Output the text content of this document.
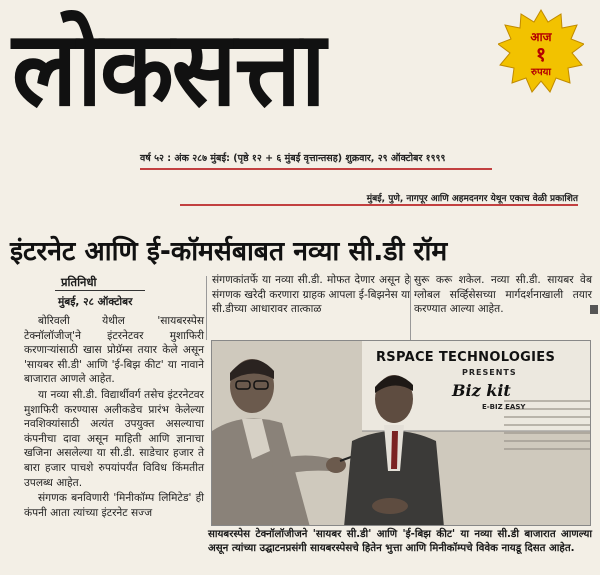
लोकसत्ता	आज
१
रुपया
वर्ष ५२ : अंक २८७ मुंबई: (पृष्ठे १२ + ६ मुंबई वृत्तान्तसह) शुक्रवार, २९ ऑक्टोबर १९९९
मुंबई, पुणे, नागपूर आणि अहमदनगर येथून एकाच वेळी प्रकाशित
इंटरनेट आणि ई-कॉमर्सबाबत नव्या सी.डी रॉम
प्रतिनिधी
मुंबई, २८ ऑक्टोबर

बोरिवली येथील 'सायबरस्पेस टेक्नॉलॉजीज्'ने इंटरनेटवर मुशाफिरी करणाऱ्यांसाठी खास प्रोग्रॅम्स तयार केले असून 'सायबर सी.डी' आणि 'ई-बिझ कीट' या नावाने बाजारात आणले आहेत.

या नव्या सी.डी. विद्यार्थीवर्ग तसेच इंटरनेटवर मुशाफिरी करण्यास अलीकडेच प्रारंभ केलेल्या नवशिक्यांसाठी अत्यंत उपयुक्त असल्याचा कंपनीचा दावा असून माहिती आणि ज्ञानाचा खजिना असलेल्या या सी.डी. साडेचार हजार ते बारा हजार पाचशे रुपयांपर्यंत विविध किंमतीत उपलब्ध आहेत.

संगणक बनविणारी 'मिनीकॉम्प लिमिटेड' ही कंपनी आता त्यांच्या इंटरनेट सज्ज

संगणकांतर्फे या नव्या सी.डी. मोफत देणार असून हे संगणक खरेदी करणारा ग्राहक आपला ई-बिझनेस या सी.डीच्या आधारावर तात्काळ
सुरू करू शकेल. नव्या सी.डी. सायबर वेब ग्लोबल सर्व्हिसेसच्या मार्गदर्शनाखाली तयार करण्यात आल्या आहेत.
RSPACE TECHNOLOGIES
PRESENTS
Biz kit
E-BIZ EASY
सायबरस्पेस टेक्नॉलॉजीजने 'सायबर सी.डी' आणि 'ई-बिझ कीट' या नव्या सी.डी बाजारात आणल्या असून त्यांच्या उद्घाटनप्रसंगी सायबरस्पेसचे हितेन भुत्ता आणि मिनीकॉम्पचे विवेक नायडू दिसत आहेत.
